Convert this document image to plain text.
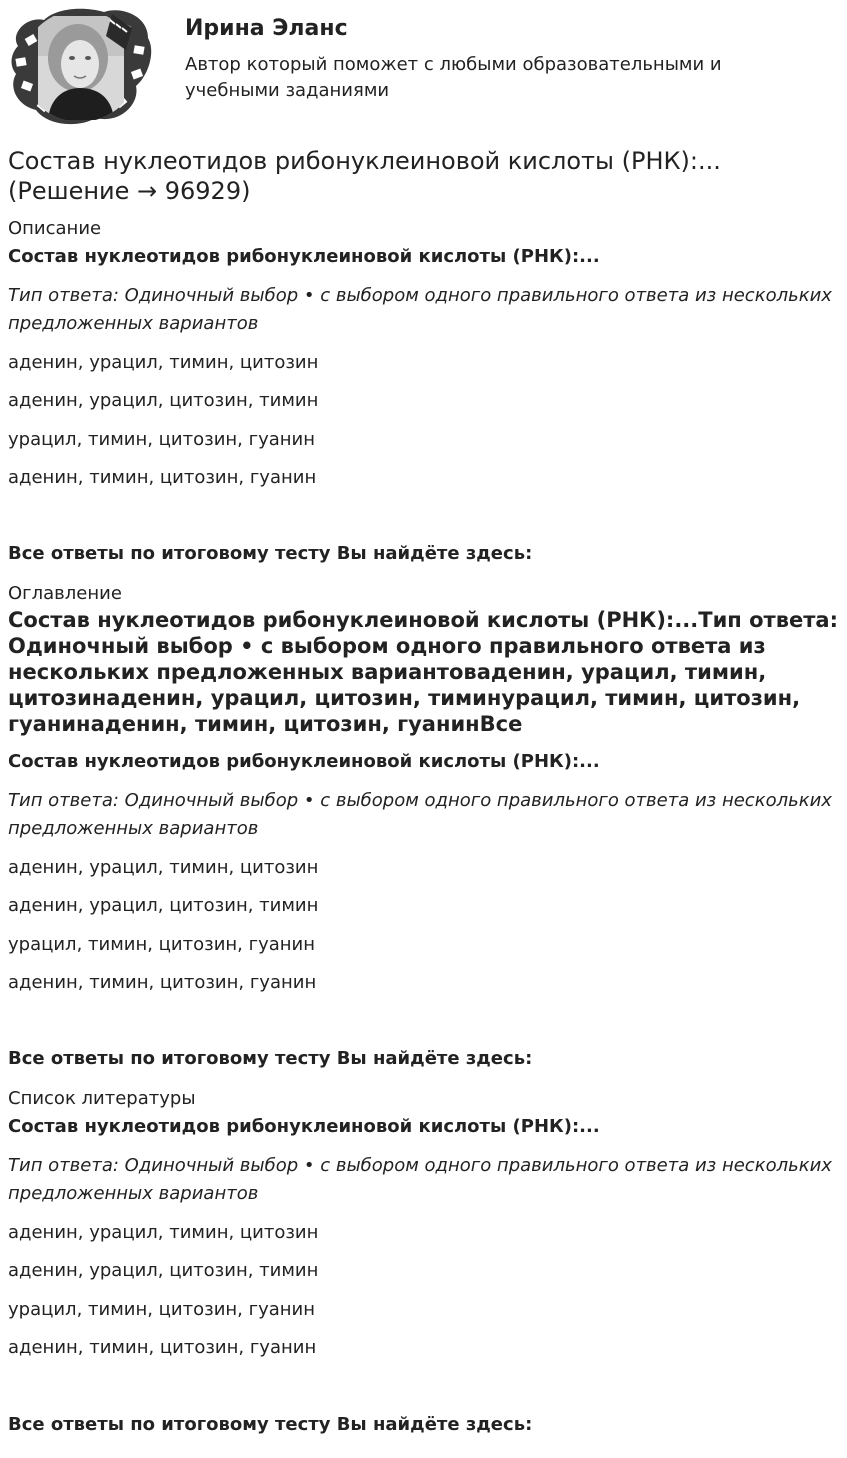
Ирина Эланс
Автор который поможет с любыми образовательными и учебными заданиями
Состав нуклеотидов рибонуклеиновой кислоты (РНК):... (Решение → 96929)
Описание
Состав нуклеотидов рибонуклеиновой кислоты (РНК):...
Тип ответа: Одиночный выбор • с выбором одного правильного ответа из нескольких предложенных вариантов
аденин, урацил, тимин, цитозин
аденин, урацил, цитозин, тимин
урацил, тимин, цитозин, гуанин
аденин, тимин, цитозин, гуанин
Все ответы по итоговому тесту Вы найдёте здесь:
Оглавление
Состав нуклеотидов рибонуклеиновой кислоты (РНК):...Тип ответа: Одиночный выбор • с выбором одного правильного ответа из нескольких предложенных вариантоваденин, урацил, тимин, цитозинаденин, урацил, цитозин, тиминурацил, тимин, цитозин, гуанинаденин, тимин, цитозин, гуанинВсе
Состав нуклеотидов рибонуклеиновой кислоты (РНК):...
Тип ответа: Одиночный выбор • с выбором одного правильного ответа из нескольких предложенных вариантов
аденин, урацил, тимин, цитозин
аденин, урацил, цитозин, тимин
урацил, тимин, цитозин, гуанин
аденин, тимин, цитозин, гуанин
Все ответы по итоговому тесту Вы найдёте здесь:
Список литературы
Состав нуклеотидов рибонуклеиновой кислоты (РНК):...
Тип ответа: Одиночный выбор • с выбором одного правильного ответа из нескольких предложенных вариантов
аденин, урацил, тимин, цитозин
аденин, урацил, цитозин, тимин
урацил, тимин, цитозин, гуанин
аденин, тимин, цитозин, гуанин
Все ответы по итоговому тесту Вы найдёте здесь:
